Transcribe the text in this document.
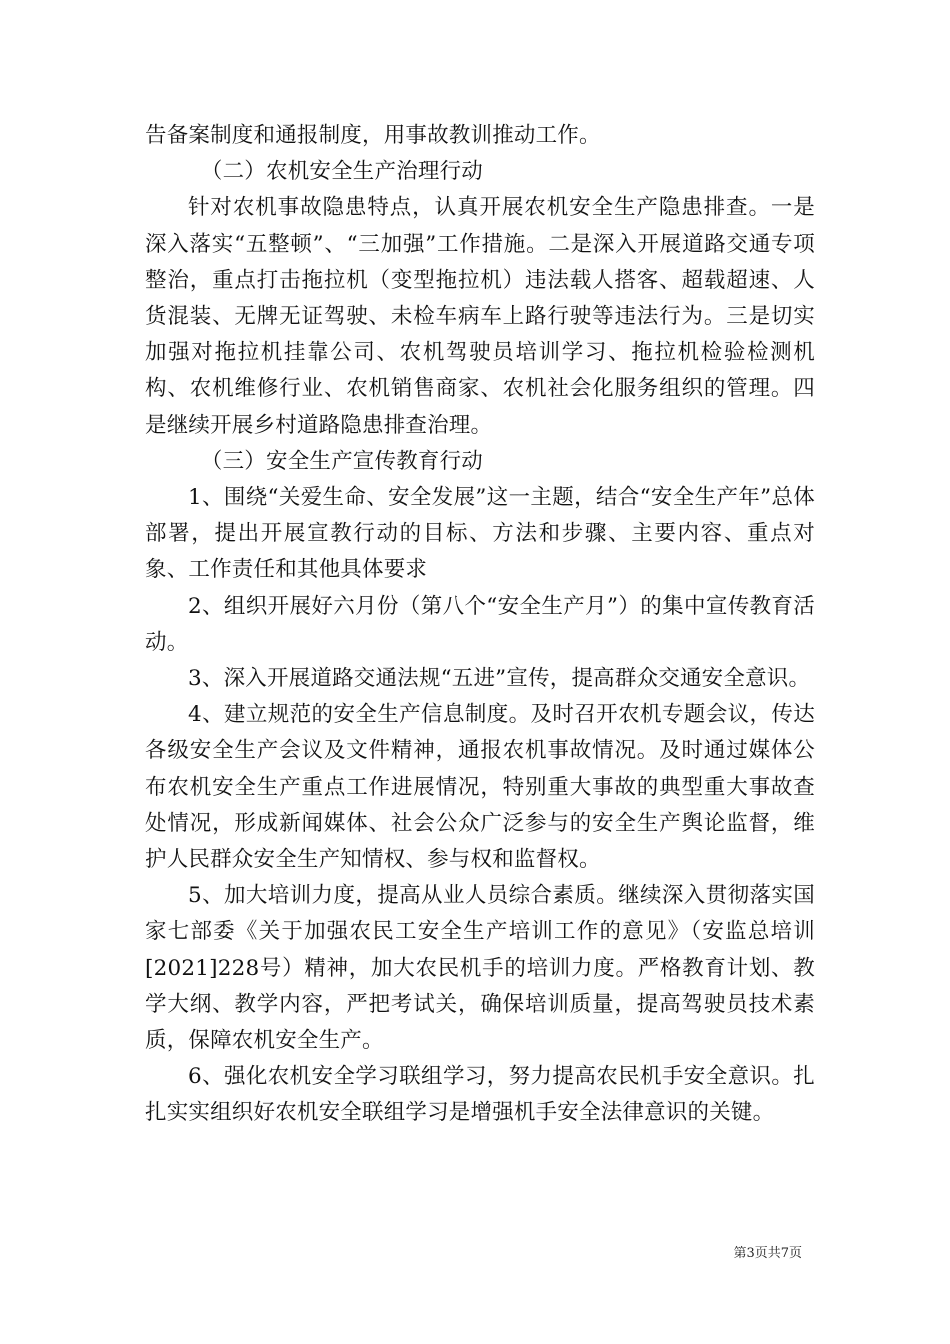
告备案制度和通报制度，用事故教训推动工作。

（二）农机安全生产治理行动

针对农机事故隐患特点，认真开展农机安全生产隐患排查。一是深入落实“五整顿”、“三加强”工作措施。二是深入开展道路交通专项整治，重点打击拖拉机（变型拖拉机）违法载人搭客、超载超速、人货混装、无牌无证驾驶、未检车病车上路行驶等违法行为。三是切实加强对拖拉机挂靠公司、农机驾驶员培训学习、拖拉机检验检测机构、农机维修行业、农机销售商家、农机社会化服务组织的管理。四是继续开展乡村道路隐患排查治理。

（三）安全生产宣传教育行动

1、围绕“关爱生命、安全发展”这一主题，结合“安全生产年”总体部署，提出开展宣教行动的目标、方法和步骤、主要内容、重点对象、工作责任和其他具体要求

2、组织开展好六月份（第八个“安全生产月”）的集中宣传教育活动。

3、深入开展道路交通法规“五进”宣传，提高群众交通安全意识。

4、建立规范的安全生产信息制度。及时召开农机专题会议，传达各级安全生产会议及文件精神，通报农机事故情况。及时通过媒体公布农机安全生产重点工作进展情况，特别重大事故的典型重大事故查处情况，形成新闻媒体、社会公众广泛参与的安全生产舆论监督，维护人民群众安全生产知情权、参与权和监督权。

5、加大培训力度，提高从业人员综合素质。继续深入贯彻落实国家七部委《关于加强农民工安全生产培训工作的意见》（安监总培训[2021]228号）精神，加大农民机手的培训力度。严格教育计划、教学大纲、教学内容，严把考试关，确保培训质量，提高驾驶员技术素质，保障农机安全生产。

6、强化农机安全学习联组学习，努力提高农民机手安全意识。扎扎实实组织好农机安全联组学习是增强机手安全法律意识的关键。

第3页共7页
